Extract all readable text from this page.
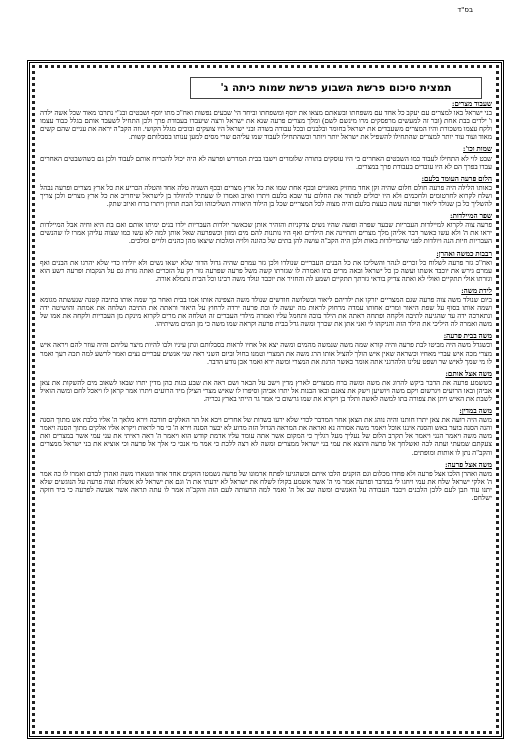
בס"ד
תמצית סיכום פרשת השבוע פרשת שמות כיתה ג'
שעבוד מצרים:
בני ישראל באו למצרים עם יעקב כל אחד עם משפחתו ובשאתם מצאו את יוסף ומשפחתו וביחד הי' שבעים נפשות ואח"כ מתו יוסף ושבטים ובנ"י נתרבו מאוד שכל אשה ילדה ו' ילדים בבת אחת (ובר זה למעשים מרפסקים מרו מינשם לשם) ומלך מצרים פרעה שנא את ישראל ורצה שיעבדו בעבודת פרך ולכן התחיל לשעבד אותם בגלל כבוד עצמו ולקח עצמו משכורת והיו המצרים משעבדים את ישראל בחומר ובלבנים ובכל עבודה בשדה ובני ישראל היו צועקים ובוכים מגלל הקושי. וזה הקב"ה יראה את עניים שהם קשים מאוד ועוד עוד יותר למצרים שהתחילו להשפיל את ישראל יותר ויותר וכשהתחילו לעבוד שמו עליהם שרי מסים למען ענותו בסבלותם קשות.
שמות וכו':
שבט לוי לא התחילו לעבוד כמו השבטים האחרים כי היו עוסקים בתורה שלומדים וישבו בבית המדרש ופרעה לא היה יכול להכריח אותם לעבוד ולכן גם כשהשבטים האחרים עבדו בפרך הם לא היו עובדים בעבודת פרך במצרים.
הלום פרעה העומד בלעם:
באותו הלילה היה פרעה חולם חלום שהיה זקן אחד מחזיק מאזניים ובכף אחת שמו את כל ארץ מצרים ובכף השניה טלה אחד והטלה הכריע את כל ארץ מצרים ופרעה נבהל ושלח לקרוא לחרטומים ולחכמים ולא היו יכולים לפתור את החלום עד שבא בלעם ויתרו ואיוב ואמרו לו שעתיד להיוולד בן לישראל שיחריב את כל ארץ מצרים ולכן צריך להשליך כל בן שנולד ליאור ופרעה עשה כעצת בלעם והיה מצוה לכל המצריים שכל בן הילוד היאורה תשליכוהו וכל הבת תחיון ויתרו ברח ואיוב שתק.
שפר המיילדות:
פרעה צוה לקרוא למיילדות העבריות שבעד שפרה ופועה שהיו נשים צדקניות והזהיר אותן שכאשר יולדות העבריות ילדו בנים ימיתו אותם ואם בת היא וחיה אבל המיילדות יראו את ה' ולא עשו כאשר דבר אליהן מלך מצרים ותחיינה את הילדים ואף היו נותנות להם מים ומזון וכשפרעה שאל אותן למה לא עשו כמו שצוה עליהן אמרו לו שהנשים העבריות חיות הנה ויולדות לפני שהמיילדות באות ולכן היה הקב"ה עושה להן בתים של כהונה ולויה ומלכות שיצאו מהן כהנים ולויים ומלכים.
רבבות כמשה ואהרן:
ואח"כ גזר פרעה לשלוח כל זכרים לנהר והשליכו את כל הבנים העבריים שנולדו ולכן גזר עמרם שהיה גדול הדור שלא ישאו נשים ולא יולידו כדי שלא יהרגו את הבנים ואף עמרם גירש את יוכבד אשתו ועשה כן כל ישראל ובאה מרים בתו ואמרה לו שגזרתו קשה משל פרעה שפרעה גזר רק על הזכרים ואתה גזרת גם על הנקבות ופרעה רשע הוא וגזרתו אולי תתקיים ואולי לא ואתה צדיק בודאי גזרתך תתקיים ושמע לה והחזיר את יוכבד ונולד משה רבינו וכל הבית נתמלא אורה.
לידת משה:
ביום שנולד משה צוה פרעה שגם המצריים יזרקו את ילדיהם ליאור ובשלושה חודשים שנולד משה הצפינה אותו אמו בבית ואחר כך שמה אותו בתיבה קטנה שנעשתה מגומא ושמה אותו בסוף על שפת היאור ומרים אחותו עמדה מרחוק לראות מה יעשה לו ובת פרעה ירדה לרחוץ על היאור וראתה את התיבה ושלחה את אמתה והושיטה ידה ונתארכה ידה עד שהגיעה לתיבה ולקחה ופתחה ראתה את הילד בוכה ותחמל עליו ואמרה מילדי העברים זה ושלחה את מרים לקרוא מינקת מן העבריות ולקחה את אמו של משה ואמרה לה היליכי את הילד הזה והניקהו לי ואני אתן את שכרך ומשה גדל בבית פרעה וקראה שמו משה כי מן המים משיתיהו.
משה בבית פרעה:
וכשגדל משה היה מביטו לבת פרעה והיה קורא שמה משה שנמשה מהמים ומשה יצא אל אחיו לראות בסבלותם ונתן עיניו ולבו להיות מיצר עליהם והיה עוזר להם ויראה איש מצרי מכה איש עברי מאחיו וכשראה שאין איש הולך להציל אותו הרג משה את המצרי וטמנו בחול וביום השני ראה שני אנשים עבריים נצים ואמר לרשע למה תכה רעך ואמר לו מי שמך לאיש שר ושפט עלינו הלהרגני אתה אומר כאשר הרגת את המצרי ומשה ירא ואמר אכן נודע הדבר.
משה אצל אותם:
כששמע פרעה את הדבר ביקש להרוג את משה ומשה ברח ממצרים לארץ מדין וישב על הבאר ושם ראה את שבע בנות כהן מדין יתרו שבאו לשאוב מים להשקות את צאן אביהן ובאו הרועים ויגרשום ויקם משה ויושיען וישק את צאנם ובאו הבנות אל יתרו אביהן וסיפרו לו שאיש מצרי הצילן מיד הרועים ויתרו אמר קראן לו ויאכל לחם ומשה הואיל לשבת את האיש ויתן את צפורה בתו למשה לאשה ותלד בן ויקרא את שמו גרשום כי אמר גר הייתי בארץ נכריה.
משה במדין:
משה היה רועה את צאן יתרו חותנו והיה נוהג את הצאן אחר המדבר לכדי שלא ירעו בשדות של אחרים ויבא אל הר האלקים חורבה וירא מלאך ה' אליו בלבת אש מתוך הסנה והנה הסנה בוער באש והסנה איננו אוכל ויאמר משה אסורה נא ואראה את המראה הגדול הזה מדוע לא יבער הסנה וירא ה' כי סר לראות ויקרא אליו אלקים מתוך הסנה ויאמר משה משה ויאמר הנני ויאמר אל תקרב הלום של נעליך מעל רגליך כי המקום אשר אתה עומד עליו אדמת קודש הוא ויאמר ה' ראה ראיתי את עני עמי אשר במצרים ואת צעקתם שמעתי ועתה לכה ואשלחך אל פרעה והוצא את עמי בני ישראל ממצרים ומשה לא רצה ללכת כי אמר מי אנכי כי אלך אל פרעה וכי אוציא את בני ישראל ממצרים והקב"ה נתן לו אותות ומופתים.
משה אצל פרעה:
משה ואהרן הלכו אצל פרעה ולא פחדו מכלום וגם הזקנים הלכו איתם וכשהגיעו לפתח ארמונו של פרעה נשמטו הזקנים אחד אחד ונשארו משה ואהרן לבדם ואמרו לו כה אמר ה' אלקי ישראל שלח את עמי ויחגו לי במדבר ופרעה אמר מי ה' אשר אשמע בקולו לשלח את ישראל לא ידעתי את ה' וגם את ישראל לא אשלח וצוה פרעה על הנוגשים שלא יתנו עוד תבן לעם ללבן הלבנים ויכבד העבודה על האנשים ומשה שב אל ה' ואמר למה הרעותה לעם הזה והקב"ה אמר לו עתה תראה אשר אעשה לפרעה כי ביד חזקה ישלחם.
